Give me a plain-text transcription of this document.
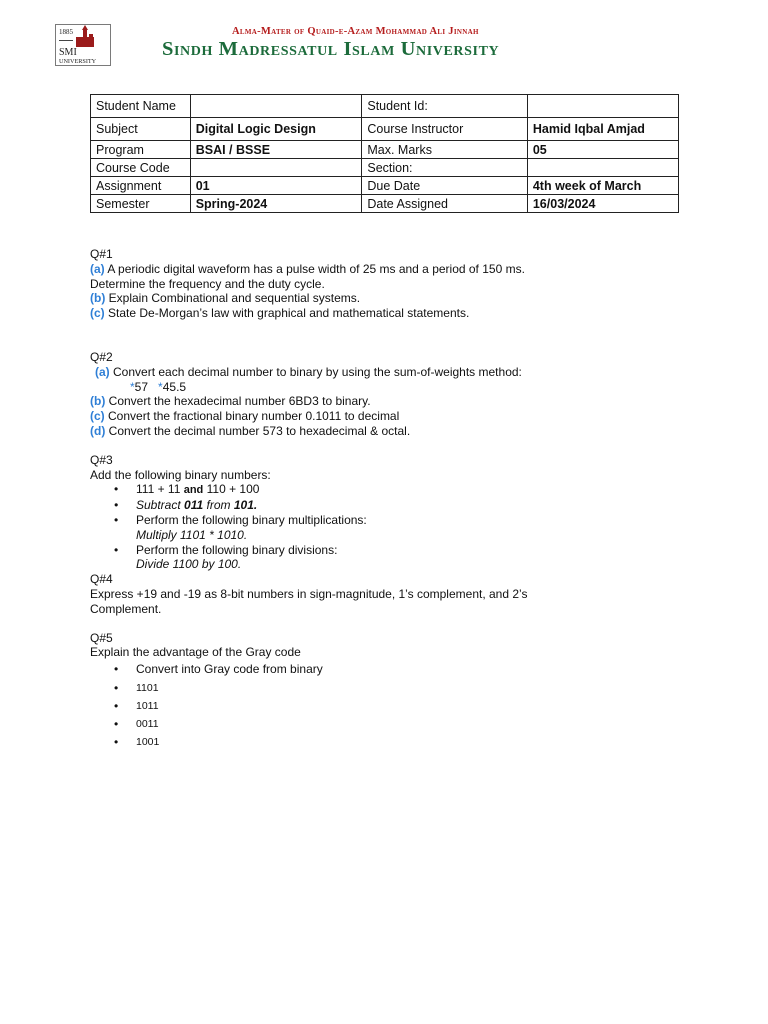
1885
SMI
UNIVERSITY
Alma-Mater of Quaid-e-Azam Mohammad Ali Jinnah
Sindh Madressatul Islam University
Student Name		Student Id:	
Subject	Digital Logic Design	Course Instructor	Hamid Iqbal Amjad
Program	BSAI / BSSE	Max. Marks	05
Course Code		Section:	
Assignment	01	Due Date	4th week of March
Semester	Spring-2024	Date Assigned	16/03/2024

Q#1

(a) A periodic digital waveform has a pulse width of 25 ms and a period of 150 ms.

Determine the frequency and the duty cycle.

(b) Explain Combinational and sequential systems.

(c) State De-Morgan’s law with graphical and mathematical statements.

Q#2

(a) Convert each decimal number to binary by using the sum-of-weights method:

*57 *45.5

(b) Convert the hexadecimal number 6BD3 to binary.

(c) Convert the fractional binary number 0.1011 to decimal

(d) Convert the decimal number 573 to hexadecimal & octal.

Q#3

Add the following binary numbers:

• 111 + 11 and 110 + 100
• Subtract 011 from 101.
• Perform the following binary multiplications:

Multiply 1101 * 1010.

• Perform the following binary divisions:

Divide 1100 by 100.

Q#4

Express +19 and -19 as 8-bit numbers in sign-magnitude, 1’s complement, and 2’s

Complement.

Q#5

Explain the advantage of the Gray code

• Convert into Gray code from binary
• 1101
• 1011
• 0011
• 1001
